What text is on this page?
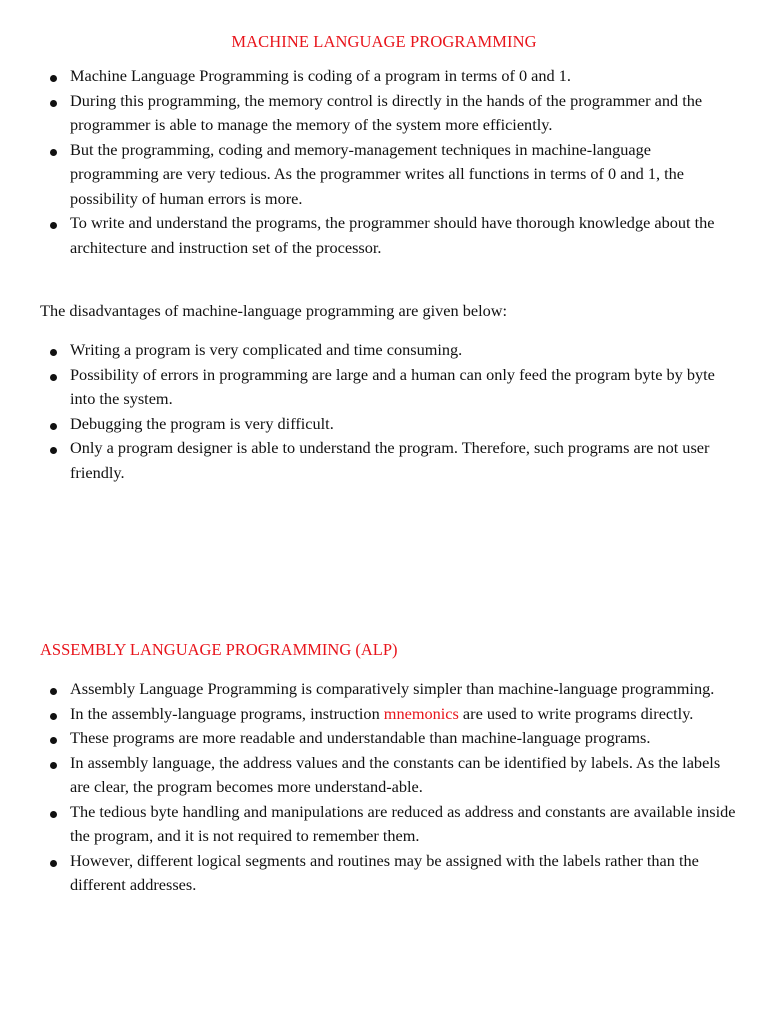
MACHINE LANGUAGE PROGRAMMING
Machine Language Programming is coding of a program in terms of 0 and 1.
During this programming, the memory control is directly in the hands of the programmer and the programmer is able to manage the memory of the system more efficiently.
But the programming, coding and memory-management techniques in machine-language programming are very tedious. As the programmer writes all functions in terms of 0 and 1, the possibility of human errors is more.
To write and understand the programs, the programmer should have thorough knowledge about the architecture and instruction set of the processor.

The disadvantages of machine-language programming are given below:

Writing a program is very complicated and time consuming.
Possibility of errors in programming are large and a human can only feed the program byte by byte into the system.
Debugging the program is very difficult.
Only a program designer is able to understand the program. Therefore, such programs are not user friendly.

ASSEMBLY LANGUAGE PROGRAMMING (ALP)

Assembly Language Programming is comparatively simpler than machine-language programming.
In the assembly-language programs, instruction mnemonics are used to write programs directly.
These programs are more readable and understandable than machine-language programs.
In assembly language, the address values and the constants can be identified by labels. As the labels are clear, the program becomes more understand-able.
The tedious byte handling and manipulations are reduced as address and constants are available inside the program, and it is not required to remember them.
However, different logical segments and routines may be assigned with the labels rather than the different addresses.
